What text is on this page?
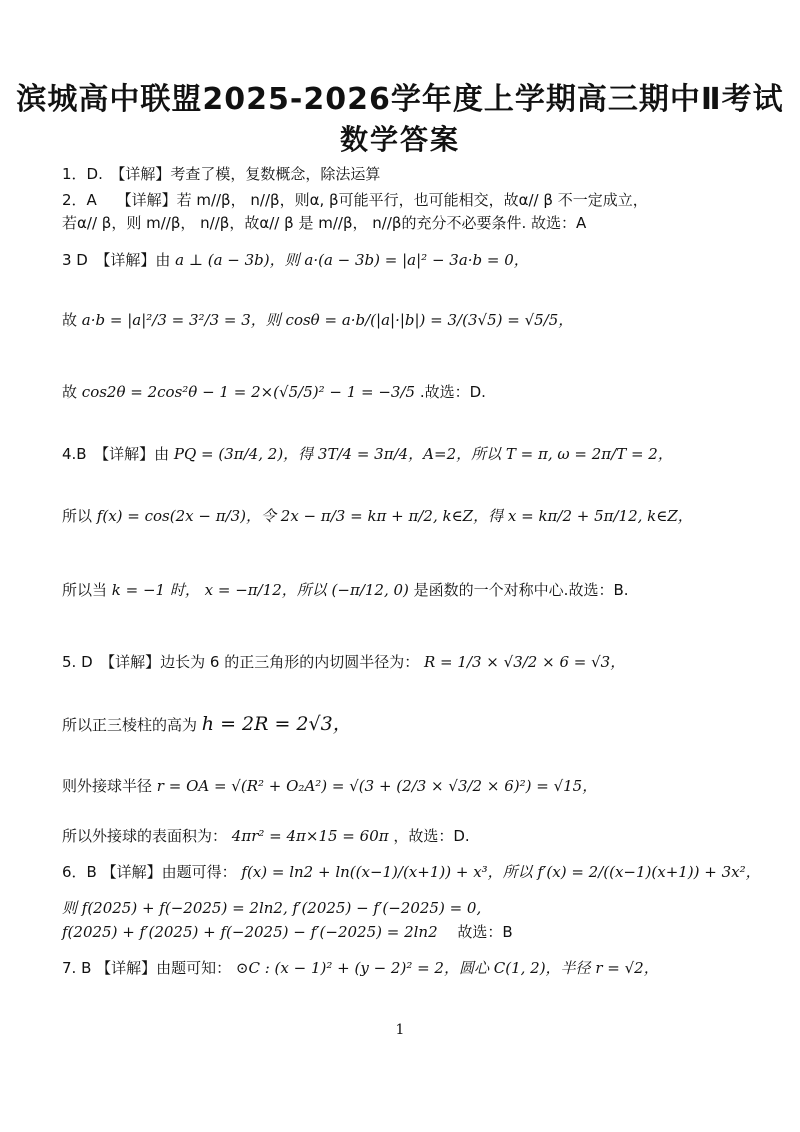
滨城高中联盟2025-2026学年度上学期高三期中Ⅱ考试
数学答案
1．D.　【详解】考查了模，复数概念，除法运算
2．A　 【详解】若 m//β， n//β，则α, β可能平行，也可能相交，故α// β 不一定成立，
若α// β，则 m//β， n//β，故α// β 是 m//β， n//β的充分不必要条件. 故选：A
3 D　【详解】由 a ⊥ (a − 3b)，则 a·(a − 3b) = |a|² − 3a·b = 0，
故 a·b = |a|²/3 = 3²/3 = 3，则 cosθ = a·b/(|a|·|b|) = 3/(3√5) = √5/5，
故 cos2θ = 2cos²θ − 1 = 2×(√5/5)² − 1 = −3/5 .故选：D.
4.B　【详解】由 PQ = (3π/4, 2)，得 3T/4 = 3π/4，A=2，所以 T = π, ω = 2π/T = 2，
所以 f(x) = cos(2x − π/3)，令 2x − π/3 = kπ + π/2, k∈Z，得 x = kπ/2 + 5π/12, k∈Z，
所以当 k = −1 时， x = −π/12，所以 (−π/12, 0) 是函数的一个对称中心.故选：B.
5. D　【详解】边长为 6 的正三角形的内切圆半径为： R = 1/3 × √3/2 × 6 = √3，
所以正三棱柱的高为 h = 2R = 2√3，
则外接球半径 r = OA = √(R² + O₂A²) = √(3 + (2/3 × √3/2 × 6)²) = √15，
所以外接球的表面积为： 4πr² = 4π×15 = 60π ，故选：D.
6．B 【详解】由题可得： f(x) = ln2 + ln((x−1)/(x+1)) + x³，所以 f′(x) = 2/((x−1)(x+1)) + 3x²，
则 f(2025) + f(−2025) = 2ln2, f′(2025) − f′(−2025) = 0,
f(2025) + f′(2025) + f(−2025) − f′(−2025) = 2ln2 　故选：B
7. B 【详解】由题可知： ⊙C : (x − 1)² + (y − 2)² = 2，圆心 C(1, 2)，半径 r = √2，
1
